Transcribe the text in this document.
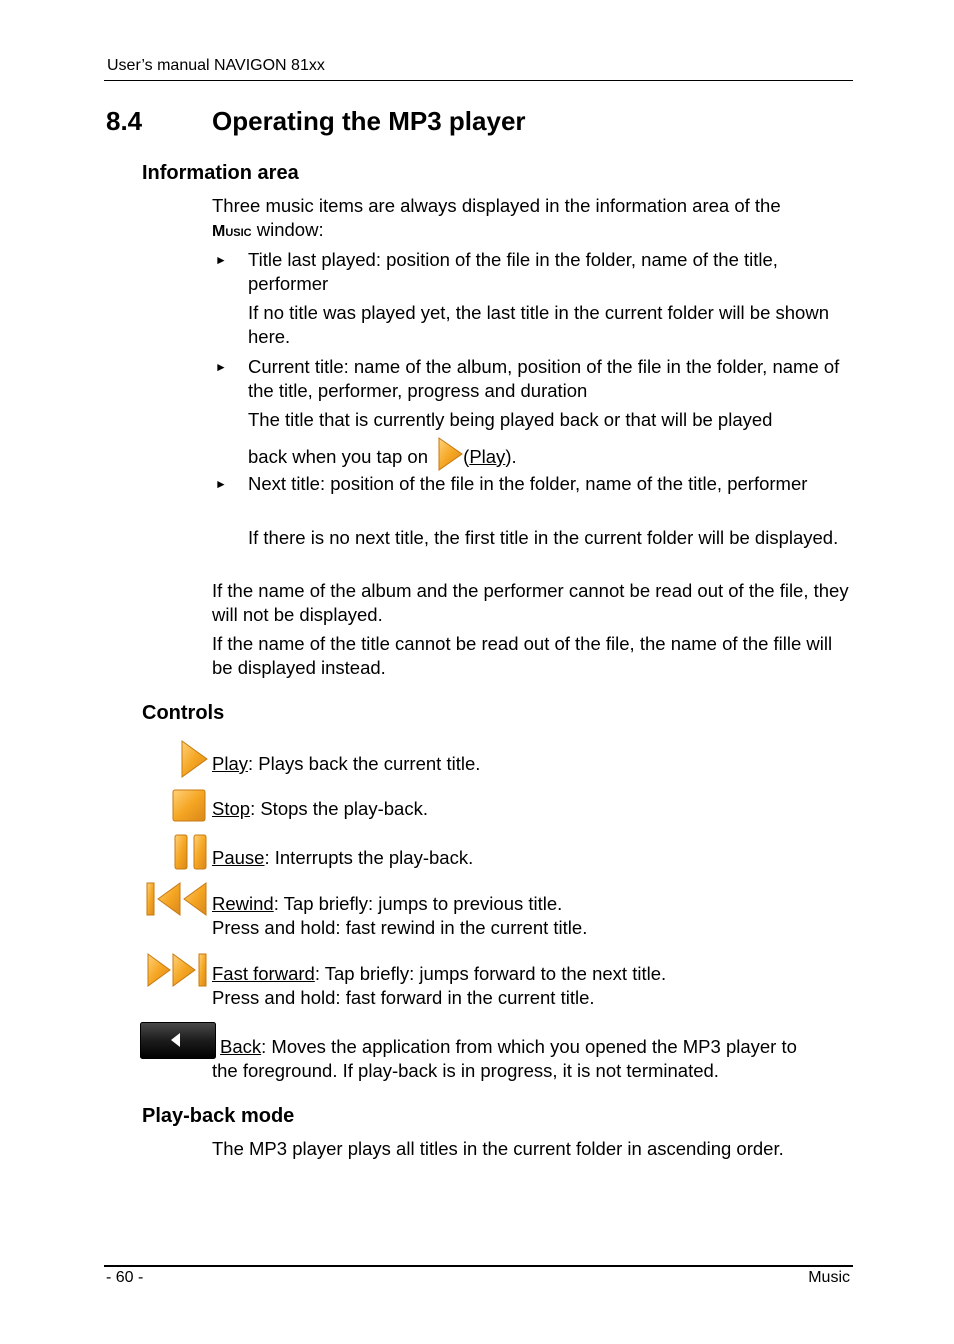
User’s manual NAVIGON 81xx
8.4	Operating the MP3 player
Information area
Three music items are always displayed in the information area of the
Music window:
► Title last played: position of the file in the folder, name of the title, performer
If no title was played yet, the last title in the current folder will be shown here.
► Current title: name of the album, position of the file in the folder, name of the title, performer, progress and duration
The title that is currently being played back or that will be played
back when you tap on (Play).
► Next title: position of the file in the folder, name of the title, performer
If there is no next title, the first title in the current folder will be displayed.
If the name of the album and the performer cannot be read out of the file, they will not be displayed.
If the name of the title cannot be read out of the file, the name of the fille will be displayed instead.
Controls
Play: Plays back the current title.
Stop: Stops the play-back.
Pause: Interrupts the play-back.
Rewind: Tap briefly: jumps to previous title.
Press and hold: fast rewind in the current title.
Fast forward: Tap briefly: jumps forward to the next title.
Press and hold: fast forward in the current title.
Back: Moves the application from which you opened the MP3 player to
the foreground. If play-back is in progress, it is not terminated.
Play-back mode
The MP3 player plays all titles in the current folder in ascending order.
- 60 -	Music
